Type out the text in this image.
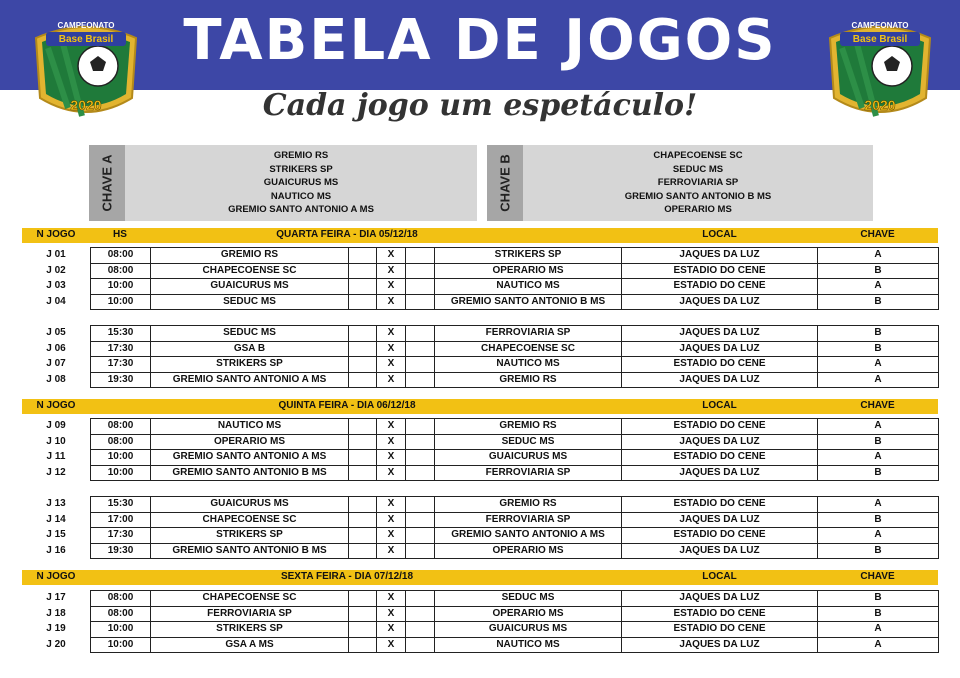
TABELA DE JOGOS
Cada jogo um espetáculo!
Base Brasil
CAMPEONATO
2020
Base Brasil
CAMPEONATO
2020
CHAVE A	GREMIO RS
STRIKERS SP
GUAICURUS MS
NAUTICO MS
GREMIO SANTO ANTONIO A MS	CHAVE B	CHAPECOENSE SC
SEDUC MS
FERROVIARIA SP
GREMIO SANTO ANTONIO B MS
OPERARIO MS
N JOGO	HS	QUARTA FEIRA - DIA 05/12/18	LOCAL	CHAVE
J 01	08:00	GREMIO RS	X	STRIKERS SP	JAQUES DA LUZ	A
J 02	08:00	CHAPECOENSE SC	X	OPERARIO MS	ESTADIO DO CENE	B
J 03	10:00	GUAICURUS MS	X	NAUTICO MS	ESTADIO DO CENE	A
J 04	10:00	SEDUC MS	X	GREMIO SANTO ANTONIO B MS	JAQUES DA LUZ	B
J 05	15:30	SEDUC MS	X	FERROVIARIA SP	JAQUES DA LUZ	B
J 06	17:30	GSA B	X	CHAPECOENSE SC	JAQUES DA LUZ	B
J 07	17:30	STRIKERS SP	X	NAUTICO MS	ESTADIO DO CENE	A
J 08	19:30	GREMIO SANTO ANTONIO A MS	X	GREMIO RS	JAQUES DA LUZ	A
N JOGO	QUINTA FEIRA - DIA 06/12/18	LOCAL	CHAVE
J 09	08:00	NAUTICO MS	X	GREMIO RS	ESTADIO DO CENE	A
J 10	08:00	OPERARIO MS	X	SEDUC MS	JAQUES DA LUZ	B
J 11	10:00	GREMIO SANTO ANTONIO A MS	X	GUAICURUS MS	ESTADIO DO CENE	A
J 12	10:00	GREMIO SANTO ANTONIO B MS	X	FERROVIARIA SP	JAQUES DA LUZ	B
J 13	15:30	GUAICURUS MS	X	GREMIO RS	ESTADIO DO CENE	A
J 14	17:00	CHAPECOENSE SC	X	FERROVIARIA SP	JAQUES DA LUZ	B
J 15	17:30	STRIKERS SP	X	GREMIO SANTO ANTONIO A MS	ESTADIO DO CENE	A
J 16	19:30	GREMIO SANTO ANTONIO B MS	X	OPERARIO MS	JAQUES DA LUZ	B
N JOGO	SEXTA FEIRA - DIA 07/12/18	LOCAL	CHAVE
J 17	08:00	CHAPECOENSE SC	X	SEDUC MS	JAQUES DA LUZ	B
J 18	08:00	FERROVIARIA SP	X	OPERARIO MS	ESTADIO DO CENE	B
J 19	10:00	STRIKERS SP	X	GUAICURUS MS	ESTADIO DO CENE	A
J 20	10:00	GSA A MS	X	NAUTICO MS	JAQUES DA LUZ	A
